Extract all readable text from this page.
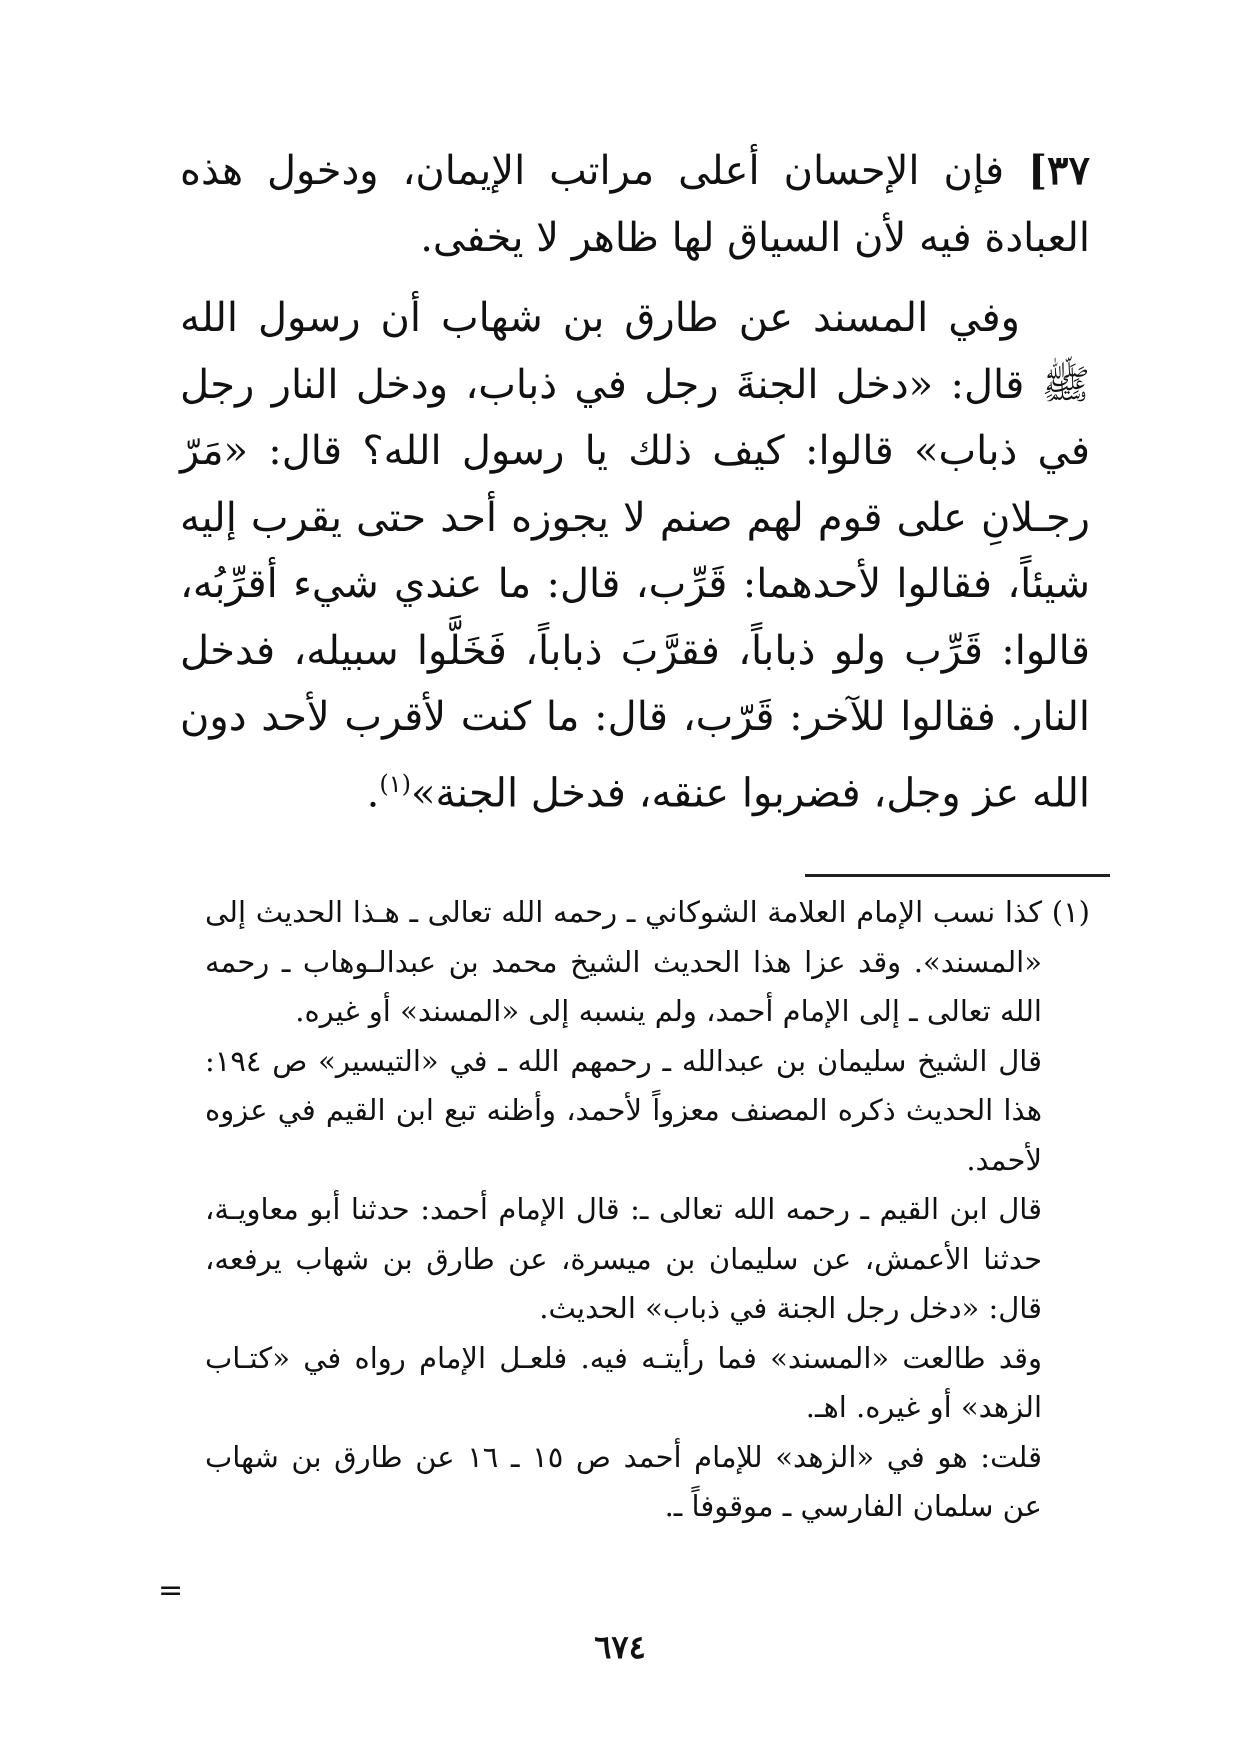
٣٧] فإن الإحسان أعلى مراتب الإيمان، ودخول هذه العبادة فيه لأن السياق لها ظاهر لا يخفى.

وفي المسند عن طارق بن شهاب أن رسول الله ﷺ قال: «دخل الجنةَ رجل في ذباب، ودخل النار رجل في ذباب» قالوا: كيف ذلك يا رسول الله؟ قال: «مَرّ رجـلانِ على قوم لهم صنم لا يجوزه أحد حتى يقرب إليه شيئاً، فقالوا لأحدهما: قَرِّب، قال: ما عندي شيء أقرِّبُه، قالوا: قَرِّب ولو ذباباً، فقرَّبَ ذباباً، فَخَلَّوا سبيله، فدخل النار. فقالوا للآخر: قَرّب، قال: ما كنت لأقرب لأحد دون الله عز وجل، فضربوا عنقه، فدخل الجنة»$^{(١)}$.

(١)
كذا نسب الإمام العلامة الشوكاني ـ رحمه الله تعالى ـ هـذا الحديث إلى «المسند». وقد عزا هذا الحديث الشيخ محمد بن عبدالـوهاب ـ رحمه الله تعالى ـ إلى الإمام أحمد، ولم ينسبه إلى «المسند» أو غيره.

قال الشيخ سليمان بن عبدالله ـ رحمهم الله ـ في «التيسير» ص ١٩٤: هذا الحديث ذكره المصنف معزواً لأحمد، وأظنه تبع ابن القيم في عزوه لأحمد.

قال ابن القيم ـ رحمه الله تعالى ـ: قال الإمام أحمد: حدثنا أبو معاويـة، حدثنا الأعمش، عن سليمان بن ميسرة، عن طارق بن شهاب يرفعه، قال: «دخل رجل الجنة في ذباب» الحديث.

وقد طالعت «المسند» فما رأيتـه فيه. فلعـل الإمام رواه في «كتـاب الزهد» أو غيره. اهـ.

قلت: هو في «الزهد» للإمام أحمد ص ١٥ ـ ١٦ عن طارق بن شهاب عن سلمان الفارسي ـ موقوفاً ـ.

=
٦٧٤
